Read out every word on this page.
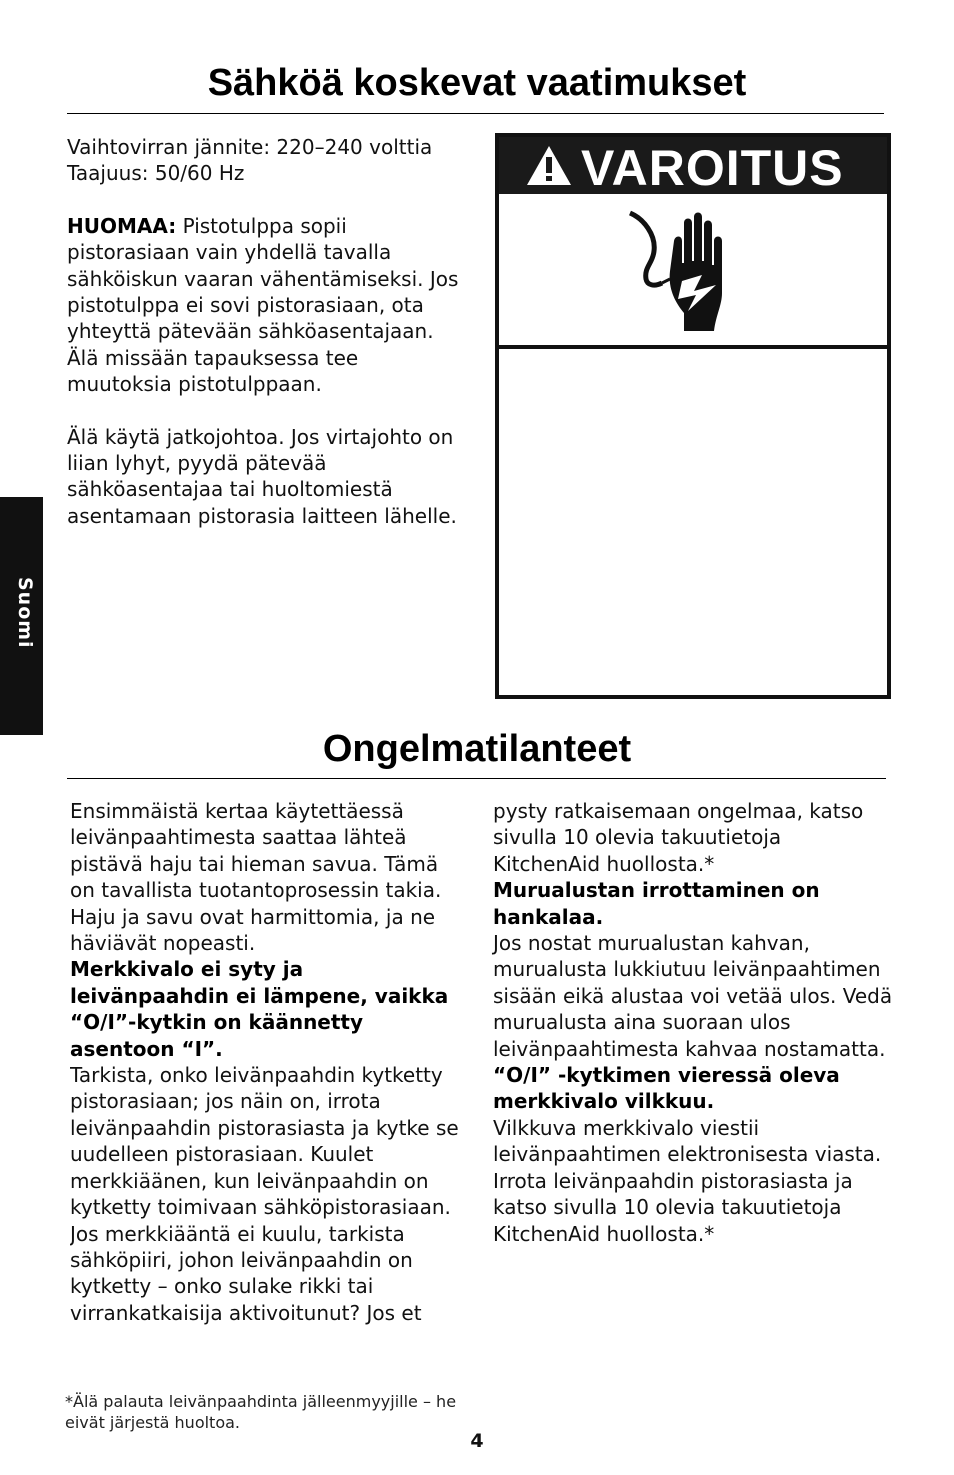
Sähköä koskevat vaatimukset

Vaihtovirran jännite: 220–240 volttia

Taajuus: 50/60 Hz

HUOMAA: Pistotulppa sopii pistorasiaan vain yhdellä tavalla sähköiskun vaaran vähentämiseksi. Jos pistotulppa ei sovi pistorasiaan, ota yhteyttä pätevään sähköasentajaan. Älä missään tapauksessa tee muutoksia pistotulppaan.

Älä käytä jatkojohtoa. Jos virtajohto on liian lyhyt, pyydä pätevää sähköasentajaa tai huoltomiestä asentamaan pistorasia laitteen lähelle.

Suomi
VAROITUS
Ongelmatilanteet

Ensimmäistä kertaa käytettäessä leivänpaahtimesta saattaa lähteä pistävä haju tai hieman savua. Tämä on tavallista tuotantoprosessin takia. Haju ja savu ovat harmittomia, ja ne häviävät nopeasti.

Merkkivalo ei syty ja leivänpaahdin ei lämpene, vaikka “O/I”-kytkin on käännetty asentoon “I”.

Tarkista, onko leivänpaahdin kytketty pistorasiaan; jos näin on, irrota leivänpaahdin pistorasiasta ja kytke se uudelleen pistorasiaan. Kuulet merkkiäänen, kun leivänpaahdin on kytketty toimivaan sähköpistorasiaan. Jos merkkiääntä ei kuulu, tarkista sähköpiiri, johon leivänpaahdin on kytketty – onko sulake rikki tai virrankatkaisija aktivoitunut? Jos et

pysty ratkaisemaan ongelmaa, katso sivulla 10 olevia takuutietoja KitchenAid huollosta.*

Murualustan irrottaminen on hankalaa.

Jos nostat murualustan kahvan, murualusta lukkiutuu leivänpaahtimen sisään eikä alustaa voi vetää ulos. Vedä murualusta aina suoraan ulos leivänpaahtimesta kahvaa nostamatta.

“O/I” -kytkimen vieressä oleva merkkivalo vilkkuu.

Vilkkuva merkkivalo viestii leivänpaahtimen elektronisesta viasta. Irrota leivänpaahdin pistorasiasta ja katso sivulla 10 olevia takuutietoja KitchenAid huollosta.*

*Älä palauta leivänpaahdinta jälleenmyyjille – he eivät järjestä huoltoa.
4
